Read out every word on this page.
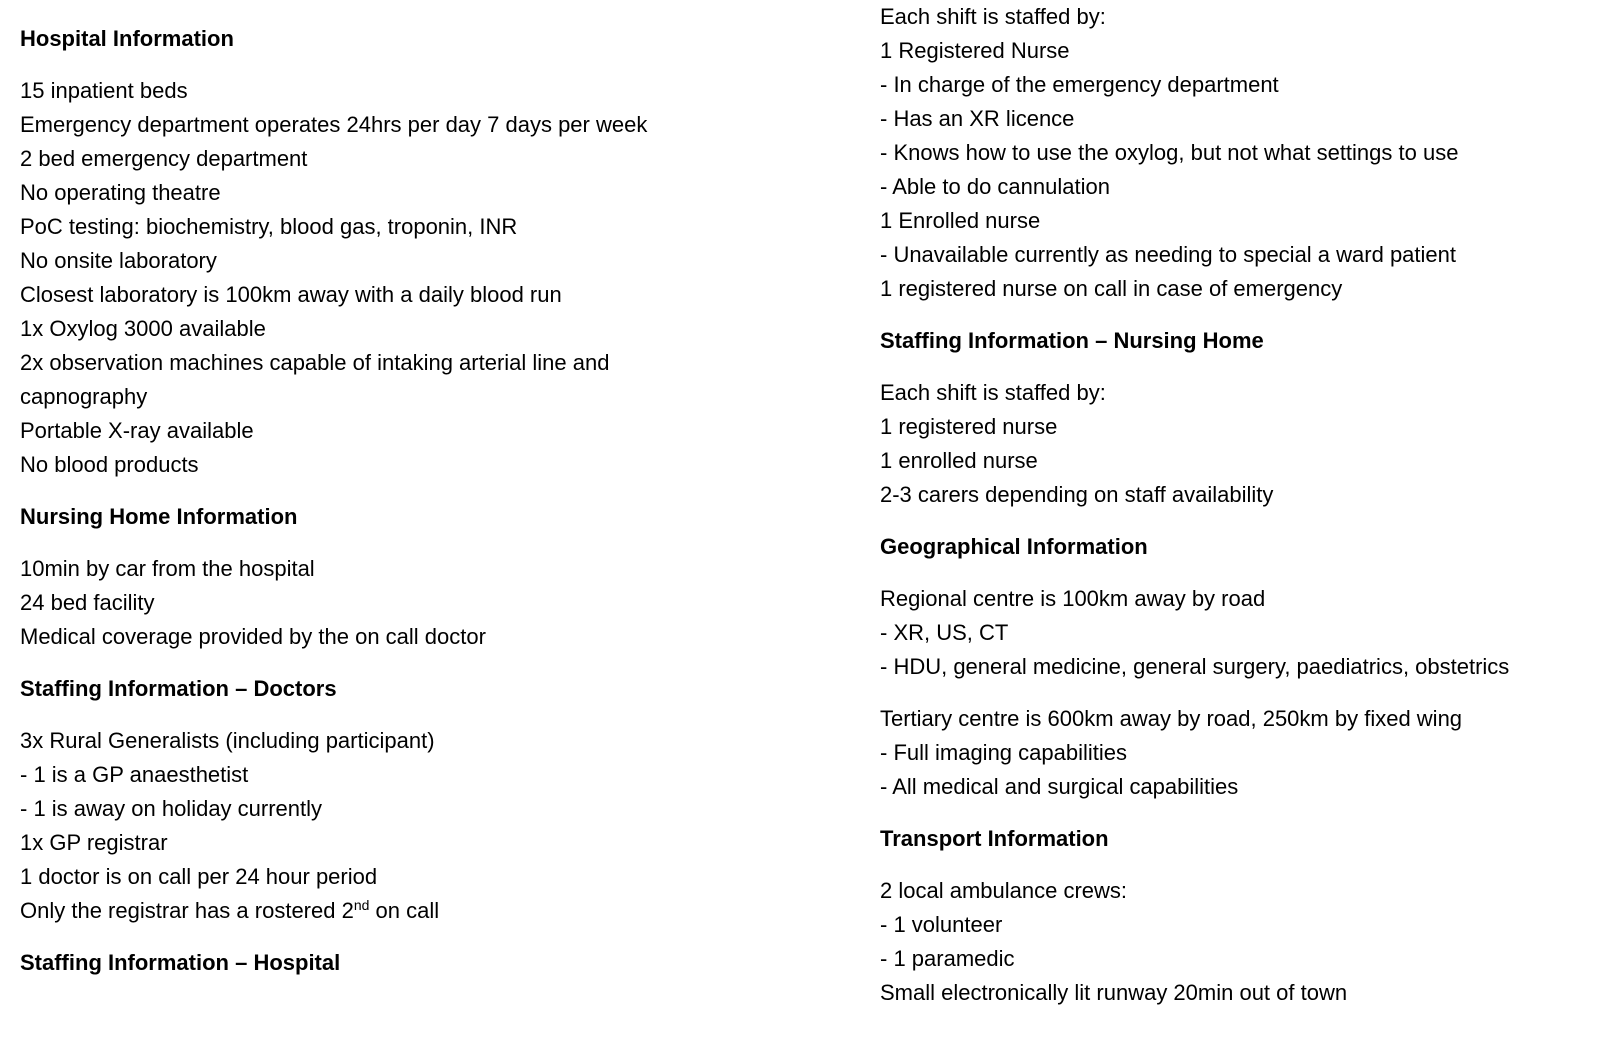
Hospital Information
15 inpatient beds
Emergency department operates 24hrs per day 7 days per week
2 bed emergency department
No operating theatre
PoC testing: biochemistry, blood gas, troponin, INR
No onsite laboratory
Closest laboratory is 100km away with a daily blood run
1x Oxylog 3000 available
2x observation machines capable of intaking arterial line and
capnography
Portable X-ray available
No blood products
Nursing Home Information
10min by car from the hospital
24 bed facility
Medical coverage provided by the on call doctor
Staffing Information – Doctors
3x Rural Generalists (including participant)
- 1 is a GP anaesthetist
- 1 is away on holiday currently
1x GP registrar
1 doctor is on call per 24 hour period
Only the registrar has a rostered 2nd on call
Staffing Information – Hospital
Each shift is staffed by:
1 Registered Nurse
- In charge of the emergency department
- Has an XR licence
- Knows how to use the oxylog, but not what settings to use
- Able to do cannulation
1 Enrolled nurse
- Unavailable currently as needing to special a ward patient
1 registered nurse on call in case of emergency
Staffing Information – Nursing Home
Each shift is staffed by:
1 registered nurse
1 enrolled nurse
2-3 carers depending on staff availability
Geographical Information
Regional centre is 100km away by road
- XR, US, CT
- HDU, general medicine, general surgery, paediatrics, obstetrics
Tertiary centre is 600km away by road, 250km by fixed wing
- Full imaging capabilities
- All medical and surgical capabilities
Transport Information
2 local ambulance crews:
- 1 volunteer
- 1 paramedic
Small electronically lit runway 20min out of town
